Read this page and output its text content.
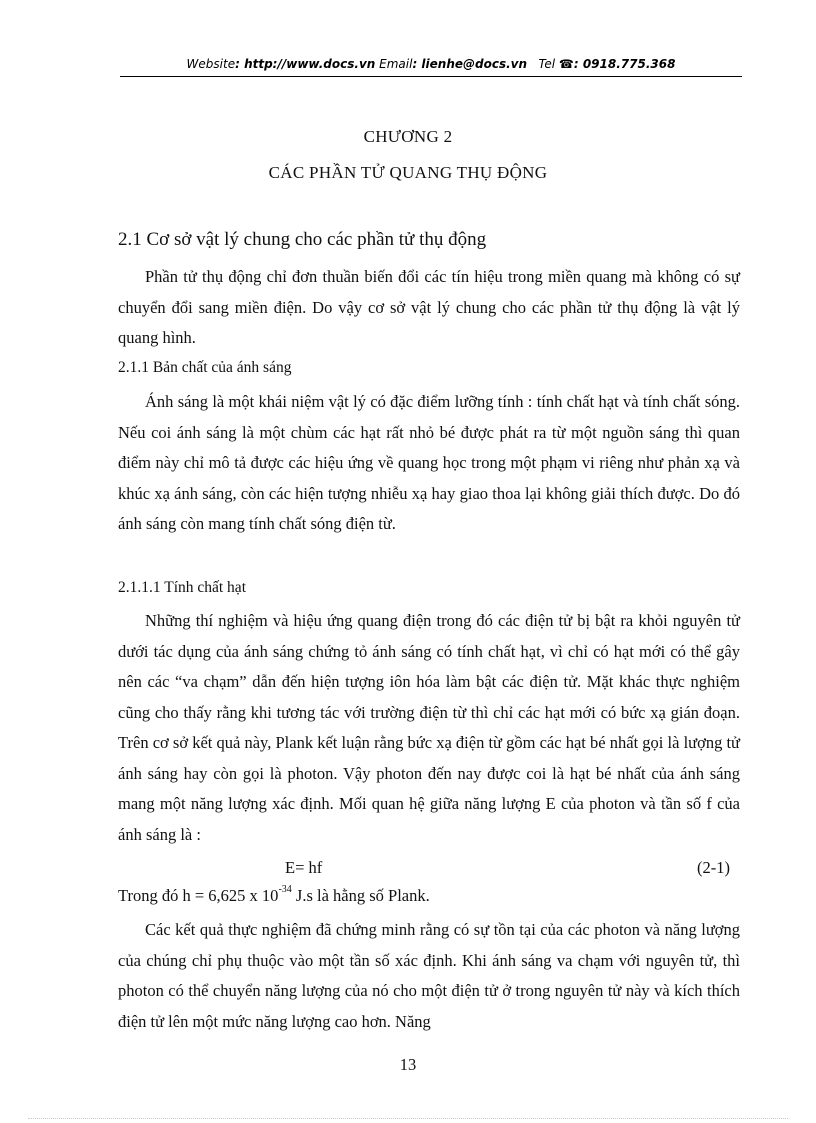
Website: http://www.docs.vn Email: lienhe@docs.vn Tel ☎: 0918.775.368
CHƯƠNG 2
CÁC PHẦN TỬ QUANG THỤ ĐỘNG
2.1 Cơ sở vật lý chung cho các phần tử thụ động
Phần tử thụ động chỉ đơn thuần biến đổi các tín hiệu trong miền quang mà không có sự chuyển đổi sang miền điện. Do vậy cơ sở vật lý chung cho các phần tử thụ động là vật lý quang hình.
2.1.1 Bản chất của ánh sáng
Ánh sáng là một khái niệm vật lý có đặc điểm lưỡng tính : tính chất hạt và tính chất sóng. Nếu coi ánh sáng là một chùm các hạt rất nhỏ bé được phát ra từ một nguồn sáng thì quan điểm này chỉ mô tả được các hiệu ứng về quang học trong một phạm vi riêng như phản xạ và khúc xạ ánh sáng, còn các hiện tượng nhiễu xạ hay giao thoa lại không giải thích được. Do đó ánh sáng còn mang tính chất sóng điện từ.
2.1.1.1 Tính chất hạt
Những thí nghiệm và hiệu ứng quang điện trong đó các điện tử bị bật ra khỏi nguyên tử dưới tác dụng của ánh sáng chứng tỏ ánh sáng có tính chất hạt, vì chỉ có hạt mới có thể gây nên các “va chạm” dẫn đến hiện tượng iôn hóa làm bật các điện tử. Mặt khác thực nghiệm cũng cho thấy rằng khi tương tác với trường điện từ thì chỉ các hạt mới có bức xạ gián đoạn. Trên cơ sở kết quả này, Plank kết luận rằng bức xạ điện từ gồm các hạt bé nhất gọi là lượng tử ánh sáng hay còn gọi là photon. Vậy photon đến nay được coi là hạt bé nhất của ánh sáng mang một năng lượng xác định. Mối quan hệ giữa năng lượng E của photon và tần số f của ánh sáng là :
E= hf	(2-1)
Trong đó h = 6,625 x $10^{-34}$ J.s là hằng số Plank.
Các kết quả thực nghiệm đã chứng minh rằng có sự tồn tại của các photon và năng lượng của chúng chỉ phụ thuộc vào một tần số xác định. Khi ánh sáng va chạm với nguyên tử, thì photon có thể chuyển năng lượng của nó cho một điện tử ở trong nguyên tử này và kích thích điện tử lên một mức năng lượng cao hơn. Năng
13
